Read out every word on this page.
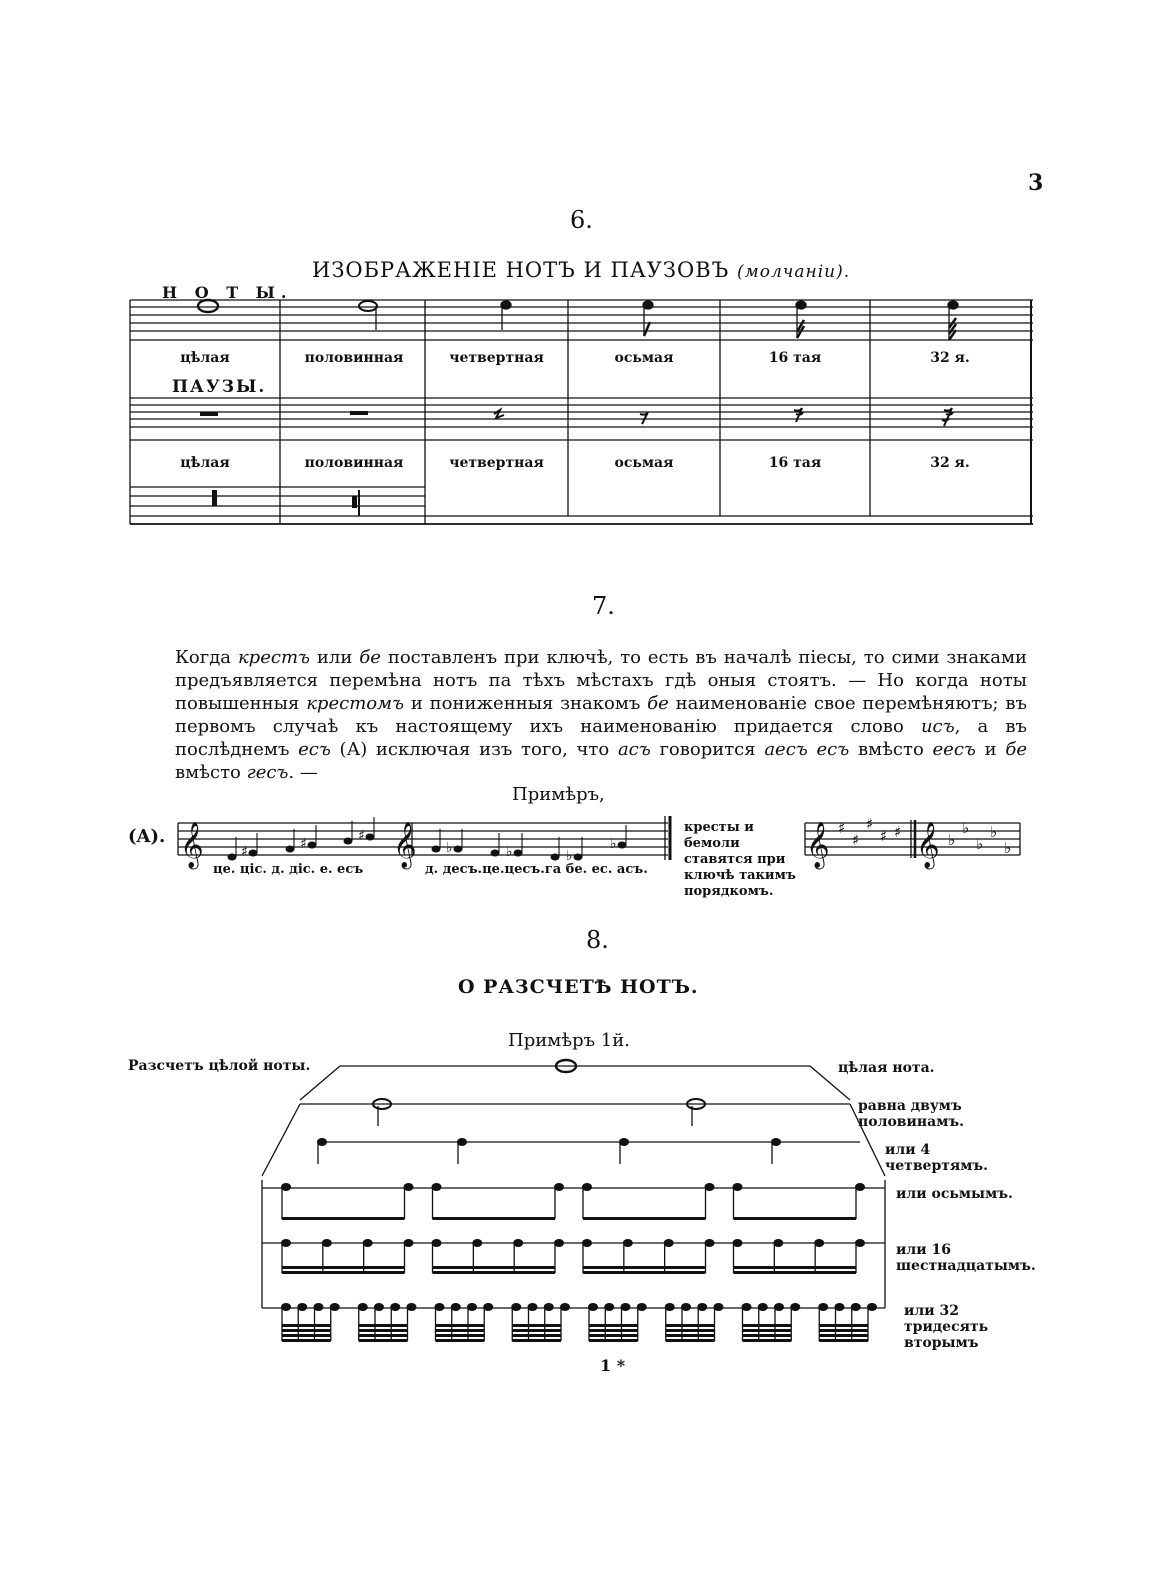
3
6.
ИЗОБРАЖЕНIЕ НОТЪ И ПАУЗОВЪ (молчанiи).
Н О Т Ы.
ПАУЗЫ.
цѣлая	половинная	четвертная	осьмая	16 тая	32 я.
цѣлая	половинная	четвертная	осьмая	16 тая	32 я.
7.
Когда крестъ или бе поставленъ при ключѣ, то есть въ началѣ пiесы, то сими знаками предъявляется перемѣна нотъ па тѣхъ мѣстахъ гдѣ оныя стоятъ. — Но когда ноты повышенныя крестомъ и пониженныя знакомъ бе наименованiе свое перемѣняютъ; въ первомъ случаѣ къ настоящему ихъ наименованiю придается слово исъ, а въ послѣднемъ есъ (А) исключая изъ того, что асъ говорится аесъ есъ вмѣсто еесъ и бе вмѣсто гесъ. —
Примѣръ,
(A).
це. цiс. д. дiс. е. есъ	д. десъ.це.цесъ.га бе. ес. асъ.
кресты и бемоли ставятся при ключѣ такимъ порядкомъ.
8.
О РАЗСЧЕТѢ НОТЪ.
Примѣръ 1й.
Разсчетъ цѣлой ноты.	цѣлая нота.
равна двумъ половинамъ.
или 4 четвертямъ.
или осьмымъ.
или 16 шестнадцатымъ.
или 32 тридесять вторымъ
1 *
♯	♯	♯
♭	♭	♭
♭
𝄞	𝄞	𝄞 𝄞
♯
♯
♯
♯ ♯	♭
♭
♭
♭
♭
